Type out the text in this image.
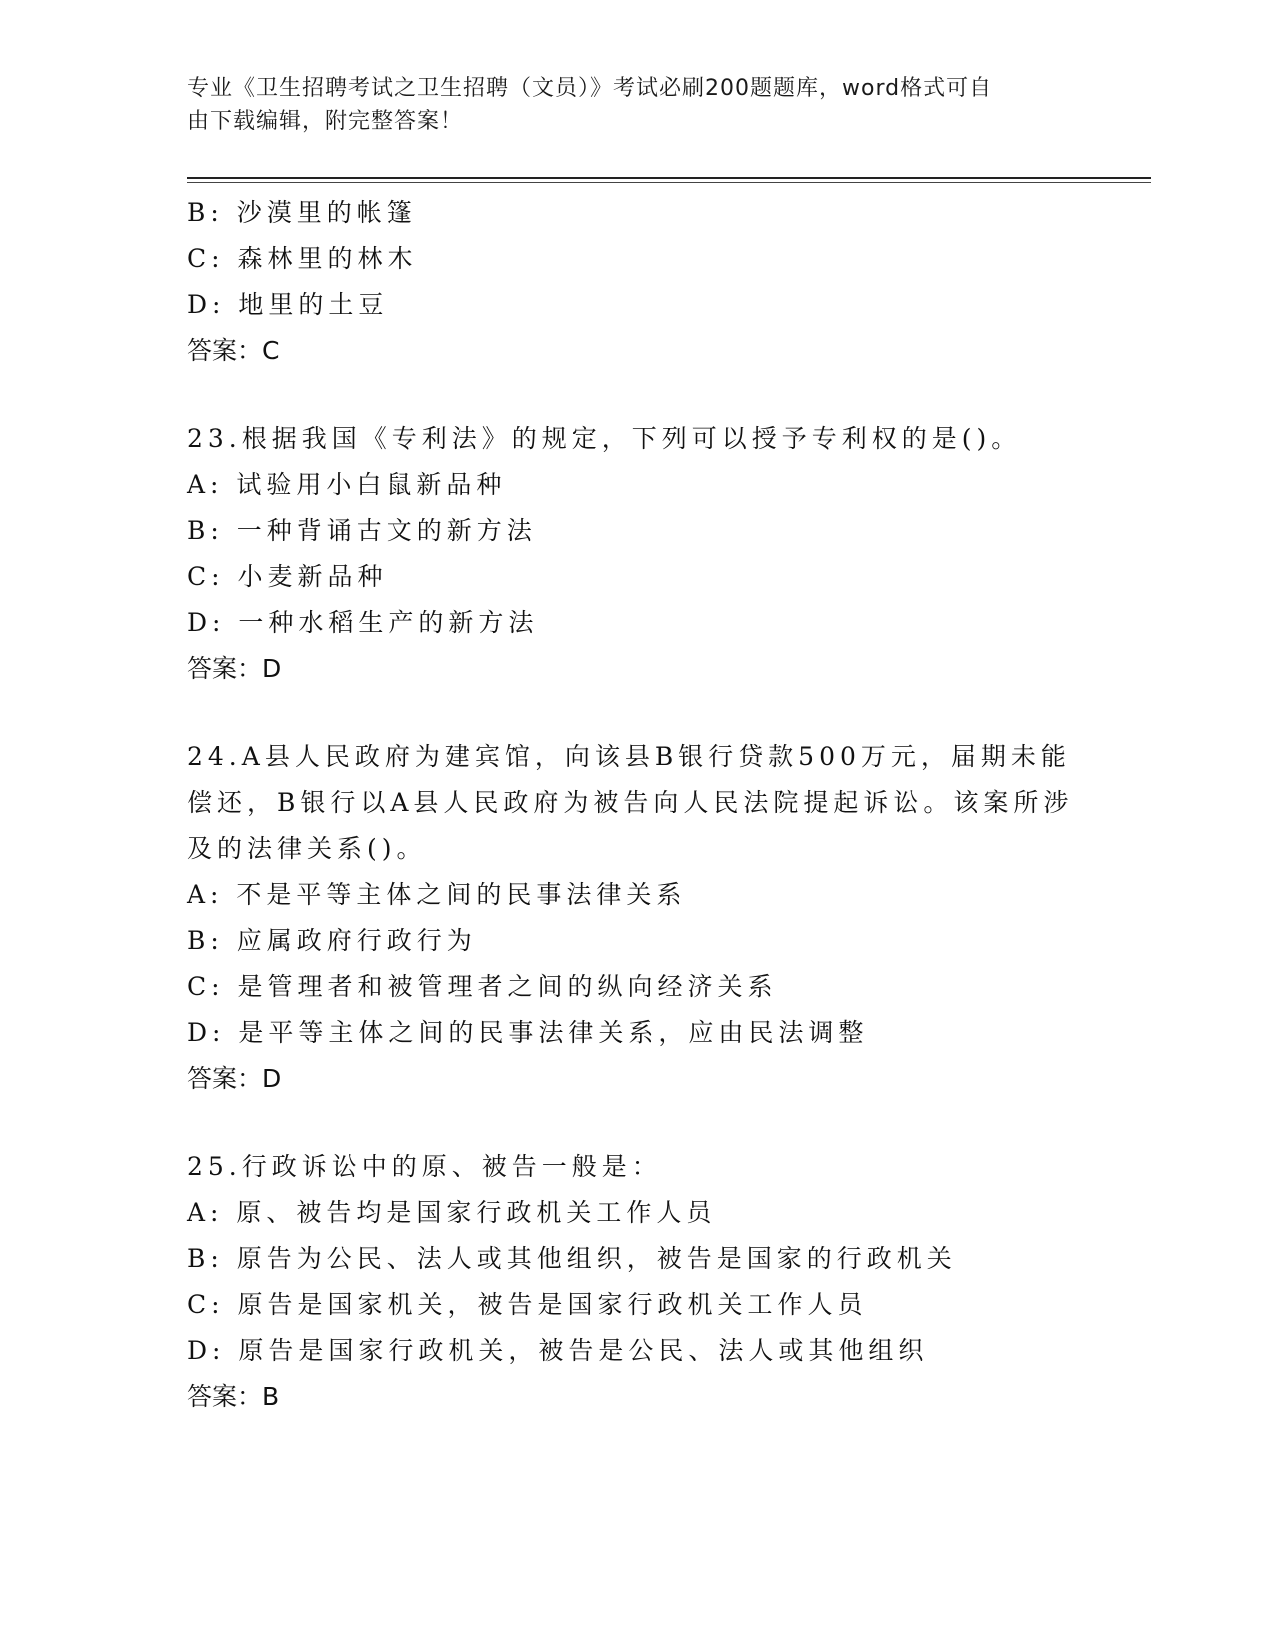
专业《卫生招聘考试之卫生招聘（文员）》考试必刷200题题库，word格式可自
由下载编辑，附完整答案！

B: 沙漠里的帐篷

C: 森林里的林木

D: 地里的土豆

答案：C

23.根据我国《专利法》的规定，下列可以授予专利权的是()。

A: 试验用小白鼠新品种

B: 一种背诵古文的新方法

C: 小麦新品种

D: 一种水稻生产的新方法

答案：D

24.A县人民政府为建宾馆，向该县B银行贷款500万元，届期未能偿还，B银行以A县人民政府为被告向人民法院提起诉讼。该案所涉及的法律关系()。

A: 不是平等主体之间的民事法律关系

B: 应属政府行政行为

C: 是管理者和被管理者之间的纵向经济关系

D: 是平等主体之间的民事法律关系，应由民法调整

答案：D

25.行政诉讼中的原、被告一般是：

A: 原、被告均是国家行政机关工作人员

B: 原告为公民、法人或其他组织，被告是国家的行政机关

C: 原告是国家机关，被告是国家行政机关工作人员

D: 原告是国家行政机关，被告是公民、法人或其他组织

答案：B
